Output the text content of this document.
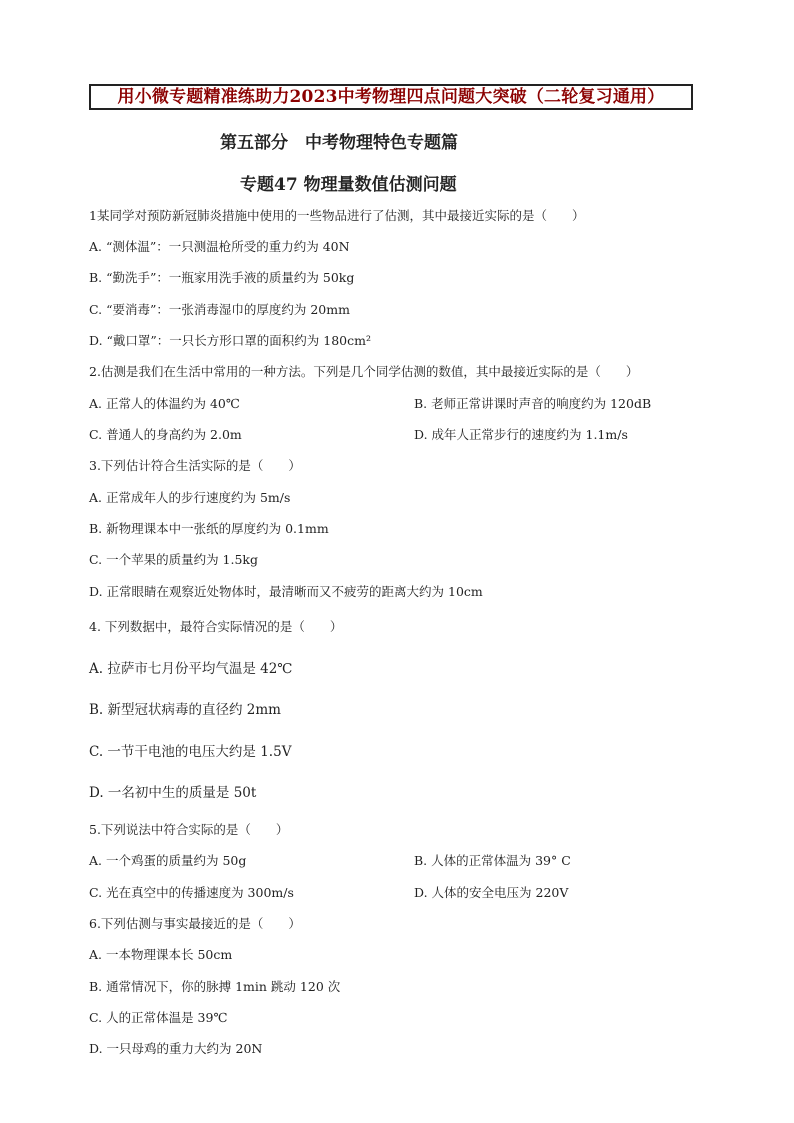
用小微专题精准练助力2023中考物理四点问题大突破（二轮复习通用）
第五部分　中考物理特色专题篇
专题47 物理量数值估测问题
1某同学对预防新冠肺炎措施中使用的一些物品进行了估测，其中最接近实际的是（　　）
A. “测体温”：一只测温枪所受的重力约为 40N
B. “勤洗手”：一瓶家用洗手液的质量约为 50kg
C. “要消毒”：一张消毒湿巾的厚度约为 20mm
D. “戴口罩”：一只长方形口罩的面积约为 180cm²
2.估测是我们在生活中常用的一种方法。下列是几个同学估测的数值，其中最接近实际的是（　　）
A. 正常人的体温约为 40℃	B. 老师正常讲课时声音的响度约为 120dB
C. 普通人的身高约为 2.0m	D. 成年人正常步行的速度约为 1.1m/s
3.下列估计符合生活实际的是（　　）
A. 正常成年人的步行速度约为 5m/s
B. 新物理课本中一张纸的厚度约为 0.1mm
C. 一个苹果的质量约为 1.5kg
D. 正常眼睛在观察近处物体时，最清晰而又不疲劳的距离大约为 10cm
4. 下列数据中，最符合实际情况的是（　　）
A. 拉萨市七月份平均气温是 42℃
B. 新型冠状病毒的直径约 2mm
C. 一节干电池的电压大约是 1.5V
D. 一名初中生的质量是 50t
5.下列说法中符合实际的是（　　）
A. 一个鸡蛋的质量约为 50g	B. 人体的正常体温为 39° C
C. 光在真空中的传播速度为 300m/s	D. 人体的安全电压为 220V
6.下列估测与事实最接近的是（　　）
A. 一本物理课本长 50cm
B. 通常情况下，你的脉搏 1min 跳动 120 次
C. 人的正常体温是 39℃
D. 一只母鸡的重力大约为 20N
